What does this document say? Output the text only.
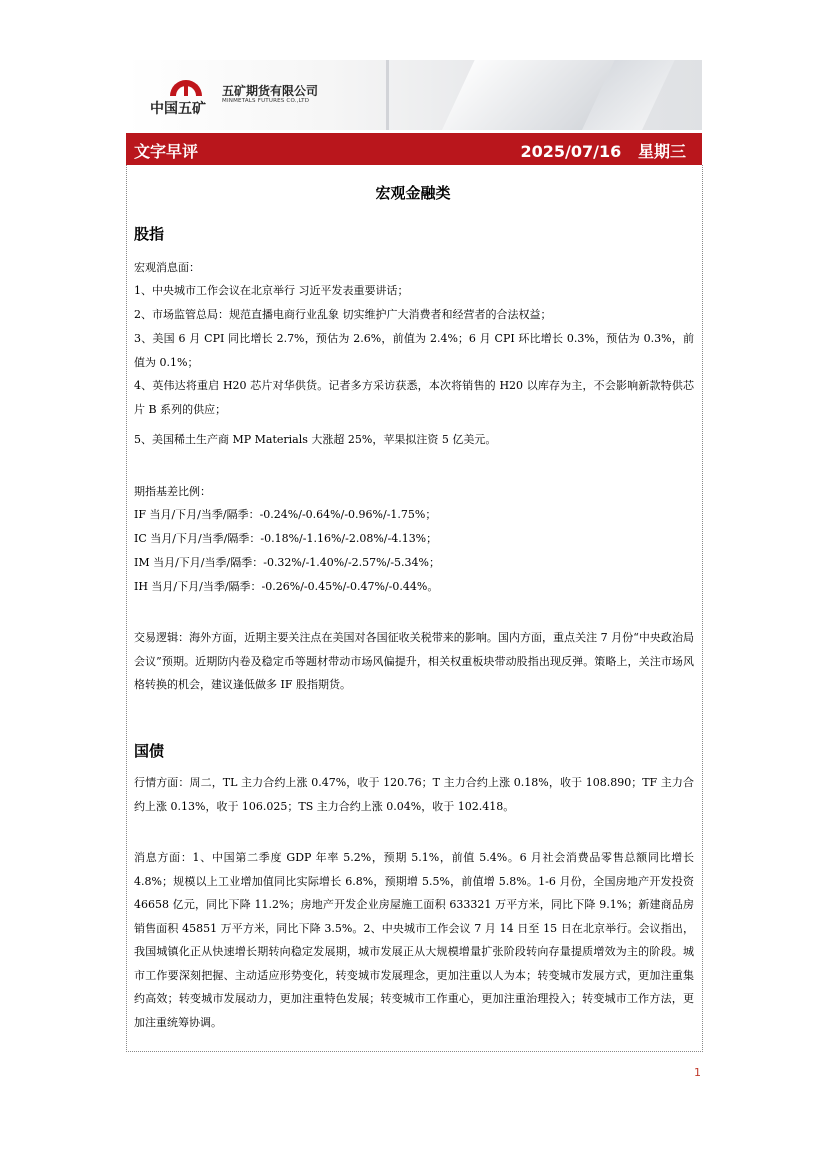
中国五矿
五矿期货有限公司
MINMETALS FUTURES CO.,LTD
文字早评	2025/07/16 星期三
宏观金融类
股指
宏观消息面：
1、中央城市工作会议在北京举行 习近平发表重要讲话；
2、市场监管总局：规范直播电商行业乱象 切实维护广大消费者和经营者的合法权益；
3、美国 6 月 CPI 同比增长 2.7%，预估为 2.6%，前值为 2.4%；6 月 CPI 环比增长 0.3%，预估为 0.3%，前值为 0.1%；
4、英伟达将重启 H20 芯片对华供货。记者多方采访获悉，本次将销售的 H20 以库存为主，不会影响新款特供芯片 B 系列的供应；
5、美国稀土生产商 MP Materials 大涨超 25%，苹果拟注资 5 亿美元。
期指基差比例：
IF 当月/下月/当季/隔季：-0.24%/-0.64%/-0.96%/-1.75%；
IC 当月/下月/当季/隔季：-0.18%/-1.16%/-2.08%/-4.13%；
IM 当月/下月/当季/隔季：-0.32%/-1.40%/-2.57%/-5.34%；
IH 当月/下月/当季/隔季：-0.26%/-0.45%/-0.47%/-0.44%。
交易逻辑：海外方面，近期主要关注点在美国对各国征收关税带来的影响。国内方面，重点关注 7 月份“中央政治局会议”预期。近期防内卷及稳定币等题材带动市场风偏提升，相关权重板块带动股指出现反弹。策略上，关注市场风格转换的机会，建议逢低做多 IF 股指期货。
国债
行情方面：周二，TL 主力合约上涨 0.47%，收于 120.76；T 主力合约上涨 0.18%，收于 108.890；TF 主力合约上涨 0.13%，收于 106.025；TS 主力合约上涨 0.04%，收于 102.418。
消息方面：1、中国第二季度 GDP 年率 5.2%，预期 5.1%，前值 5.4%。6 月社会消费品零售总额同比增长 4.8%；规模以上工业增加值同比实际增长 6.8%，预期增 5.5%，前值增 5.8%。1-6 月份，全国房地产开发投资 46658 亿元，同比下降 11.2%；房地产开发企业房屋施工面积 633321 万平方米，同比下降 9.1%；新建商品房销售面积 45851 万平方米，同比下降 3.5%。2、中央城市工作会议 7 月 14 日至 15 日在北京举行。会议指出，我国城镇化正从快速增长期转向稳定发展期，城市发展正从大规模增量扩张阶段转向存量提质增效为主的阶段。城市工作要深刻把握、主动适应形势变化，转变城市发展理念，更加注重以人为本；转变城市发展方式，更加注重集约高效；转变城市发展动力，更加注重特色发展；转变城市工作重心，更加注重治理投入；转变城市工作方法，更加注重统筹协调。
1
